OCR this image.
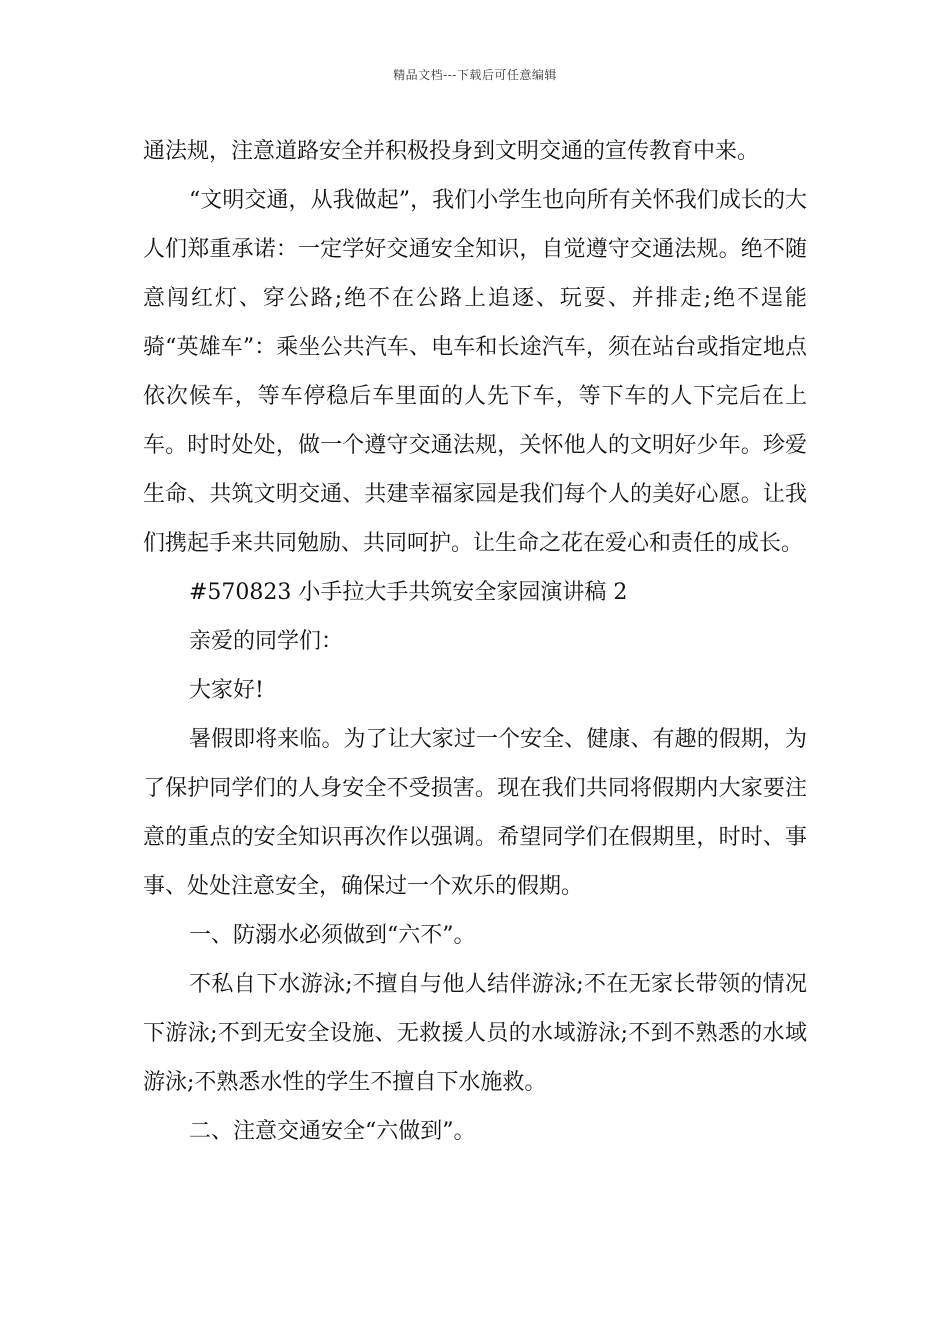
精品文档---下载后可任意编辑

通法规，注意道路安全并积极投身到文明交通的宣传教育中来。

“文明交通，从我做起”，我们小学生也向所有关怀我们成长的大人们郑重承诺：一定学好交通安全知识，自觉遵守交通法规。绝不随意闯红灯、穿公路;绝不在公路上追逐、玩耍、并排走;绝不逞能骑“英雄车”：乘坐公共汽车、电车和长途汽车，须在站台或指定地点依次候车，等车停稳后车里面的人先下车，等下车的人下完后在上车。时时处处，做一个遵守交通法规，关怀他人的文明好少年。珍爱生命、共筑文明交通、共建幸福家园是我们每个人的美好心愿。让我们携起手来共同勉励、共同呵护。让生命之花在爱心和责任的成长。

#570823 小手拉大手共筑安全家园演讲稿 2

亲爱的同学们：

大家好!

暑假即将来临。为了让大家过一个安全、健康、有趣的假期，为了保护同学们的人身安全不受损害。现在我们共同将假期内大家要注意的重点的安全知识再次作以强调。希望同学们在假期里，时时、事事、处处注意安全，确保过一个欢乐的假期。

一、防溺水必须做到“六不”。

不私自下水游泳;不擅自与他人结伴游泳;不在无家长带领的情况下游泳;不到无安全设施、无救援人员的水域游泳;不到不熟悉的水域游泳;不熟悉水性的学生不擅自下水施救。

二、注意交通安全“六做到”。
